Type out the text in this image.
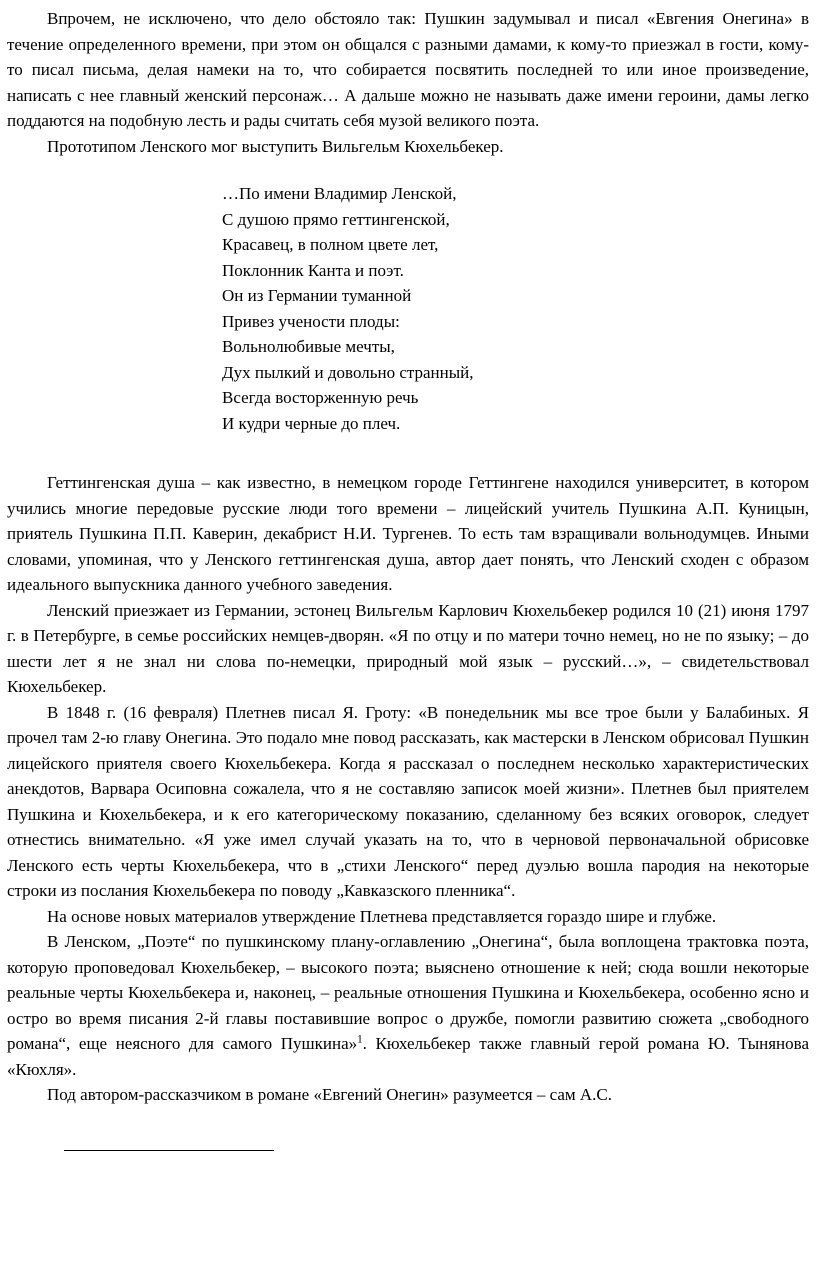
Впрочем, не исключено, что дело обстояло так: Пушкин задумывал и писал «Евгения Онегина» в течение определенного времени, при этом он общался с разными дамами, к кому-то приезжал в гости, кому-то писал письма, делая намеки на то, что собирается посвятить последней то или иное произведение, написать с нее главный женский персонаж… А дальше можно не называть даже имени героини, дамы легко поддаются на подобную лесть и рады считать себя музой великого поэта.

Прототипом Ленского мог выступить Вильгельм Кюхельбекер.

…По имени Владимир Ленской,
С душою прямо геттингенской,
Красавец, в полном цвете лет,
Поклонник Канта и поэт.
Он из Германии туманной
Привез учености плоды:
Вольнолюбивые мечты,
Дух пылкий и довольно странный,
Всегда восторженную речь
И кудри черные до плеч.

Геттингенская душа – как известно, в немецком городе Геттингене находился университет, в котором учились многие передовые русские люди того времени – лицейский учитель Пушкина А.П. Куницын, приятель Пушкина П.П. Каверин, декабрист Н.И. Тургенев. То есть там взращивали вольнодумцев. Иными словами, упоминая, что у Ленского геттингенская душа, автор дает понять, что Ленский сходен с образом идеального выпускника данного учебного заведения.

Ленский приезжает из Германии, эстонец Вильгельм Карлович Кюхельбекер родился 10 (21) июня 1797 г. в Петербурге, в семье российских немцев-дворян. «Я по отцу и по матери точно немец, но не по языку; – до шести лет я не знал ни слова по-немецки, природный мой язык – русский…», – свидетельствовал Кюхельбекер.

В 1848 г. (16 февраля) Плетнев писал Я. Гроту: «В понедельник мы все трое были у Балабиных. Я прочел там 2-ю главу Онегина. Это подало мне повод рассказать, как мастерски в Ленском обрисовал Пушкин лицейского приятеля своего Кюхельбекера. Когда я рассказал о последнем несколько характеристических анекдотов, Варвара Осиповна сожалела, что я не составляю записок моей жизни». Плетнев был приятелем Пушкина и Кюхельбекера, и к его категорическому показанию, сделанному без всяких оговорок, следует отнестись внимательно. «Я уже имел случай указать на то, что в черновой первоначальной обрисовке Ленского есть черты Кюхельбекера, что в „стихи Ленского“ перед дуэлью вошла пародия на некоторые строки из послания Кюхельбекера по поводу „Кавказского пленника“.

На основе новых материалов утверждение Плетнева представляется гораздо шире и глубже.

В Ленском, „Поэте“ по пушкинскому плану-оглавлению „Онегина“, была воплощена трактовка поэта, которую проповедовал Кюхельбекер, – высокого поэта; выяснено отношение к ней; сюда вошли некоторые реальные черты Кюхельбекера и, наконец, – реальные отношения Пушкина и Кюхельбекера, особенно ясно и остро во время писания 2-й главы поставившие вопрос о дружбе, помогли развитию сюжета „свободного романа“, еще неясного для самого Пушкина»$^1$. Кюхельбекер также главный герой романа Ю. Тынянова «Кюхля».

Под автором-рассказчиком в романе «Евгений Онегин» разумеется – сам А.С.
